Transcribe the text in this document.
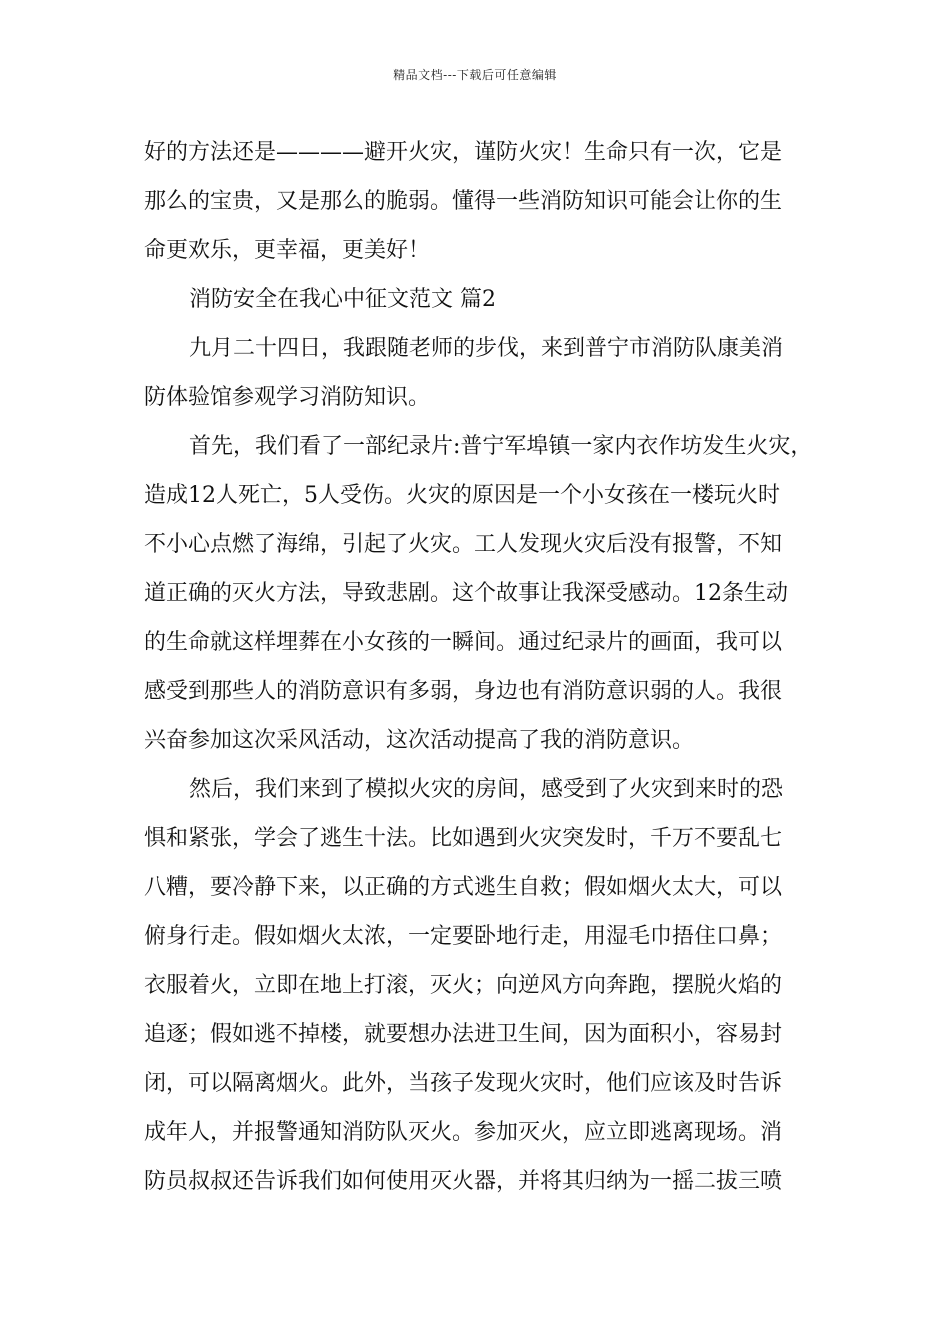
精品文档---下载后可任意编辑
好的方法还是————避开火灾，谨防火灾！生命只有一次，它是
那么的宝贵，又是那么的脆弱。懂得一些消防知识可能会让你的生
命更欢乐，更幸福，更美好！
消防安全在我心中征文范文 篇2
九月二十四日，我跟随老师的步伐，来到普宁市消防队康美消
防体验馆参观学习消防知识。
首先，我们看了一部纪录片:普宁军埠镇一家内衣作坊发生火灾，
造成12人死亡，5人受伤。火灾的原因是一个小女孩在一楼玩火时
不小心点燃了海绵，引起了火灾。工人发现火灾后没有报警，不知
道正确的灭火方法，导致悲剧。这个故事让我深受感动。12条生动
的生命就这样埋葬在小女孩的一瞬间。通过纪录片的画面，我可以
感受到那些人的消防意识有多弱，身边也有消防意识弱的人。我很
兴奋参加这次采风活动，这次活动提高了我的消防意识。
然后，我们来到了模拟火灾的房间，感受到了火灾到来时的恐
惧和紧张，学会了逃生十法。比如遇到火灾突发时，千万不要乱七
八糟，要冷静下来，以正确的方式逃生自救；假如烟火太大，可以
俯身行走。假如烟火太浓，一定要卧地行走，用湿毛巾捂住口鼻；
衣服着火，立即在地上打滚，灭火；向逆风方向奔跑，摆脱火焰的
追逐；假如逃不掉楼，就要想办法进卫生间，因为面积小，容易封
闭，可以隔离烟火。此外，当孩子发现火灾时，他们应该及时告诉
成年人，并报警通知消防队灭火。参加灭火，应立即逃离现场。消
防员叔叔还告诉我们如何使用灭火器，并将其归纳为一摇二拔三喷
